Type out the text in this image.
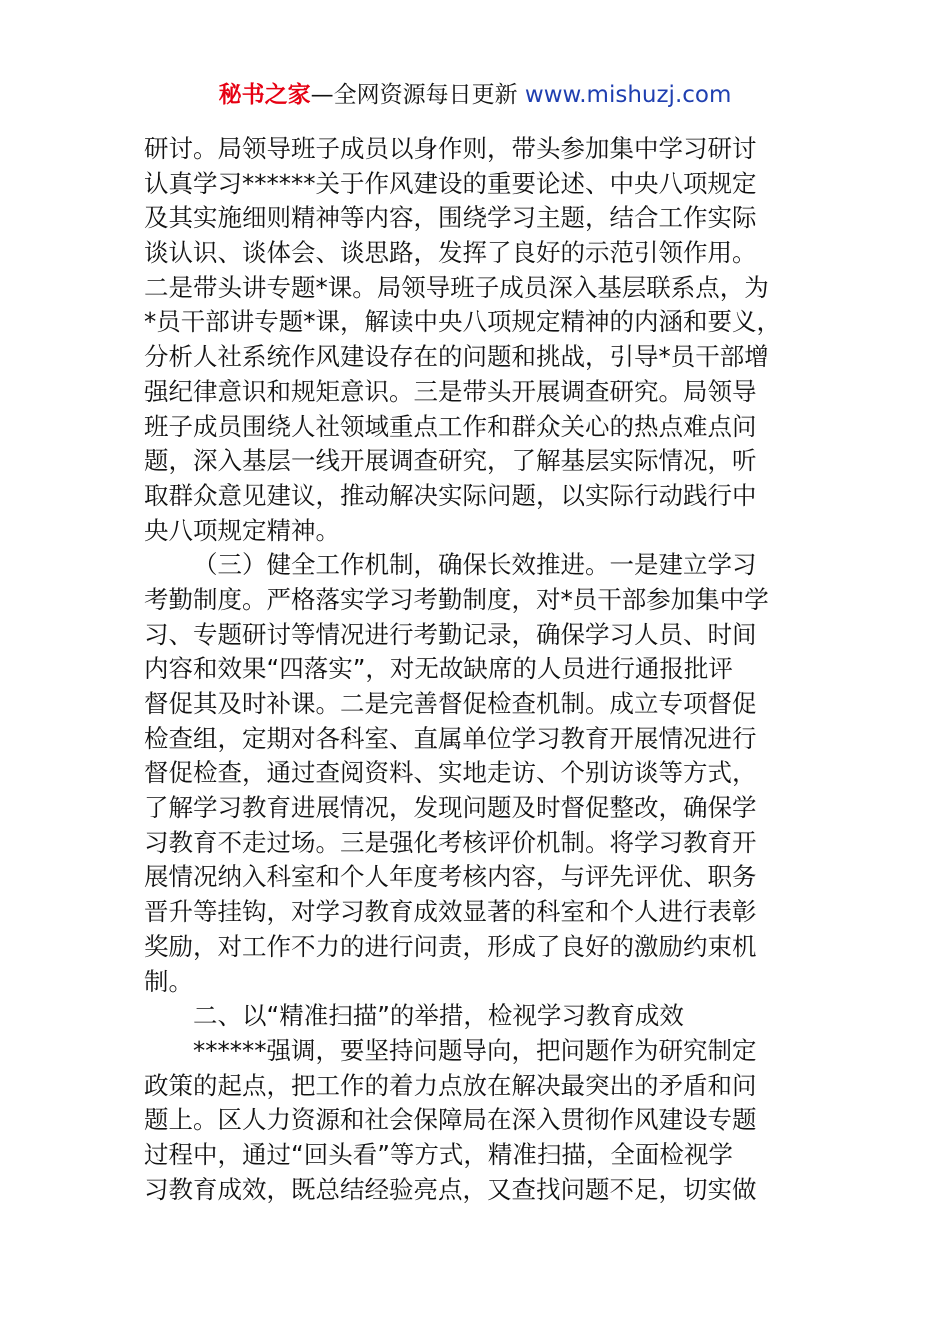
秘书之家—全网资源每日更新 www.mishuzj.com
研讨。局领导班子成员以身作则，带头参加集中学习研讨
认真学习******关于作风建设的重要论述、中央八项规定
及其实施细则精神等内容，围绕学习主题，结合工作实际
谈认识、谈体会、谈思路，发挥了良好的示范引领作用。
二是带头讲专题*课。局领导班子成员深入基层联系点，为
*员干部讲专题*课，解读中央八项规定精神的内涵和要义，
分析人社系统作风建设存在的问题和挑战，引导*员干部增
强纪律意识和规矩意识。三是带头开展调查研究。局领导
班子成员围绕人社领域重点工作和群众关心的热点难点问
题，深入基层一线开展调查研究，了解基层实际情况，听
取群众意见建议，推动解决实际问题，以实际行动践行中
央八项规定精神。
（三）健全工作机制，确保长效推进。一是建立学习
考勤制度。严格落实学习考勤制度，对*员干部参加集中学
习、专题研讨等情况进行考勤记录，确保学习人员、时间
内容和效果“四落实”，对无故缺席的人员进行通报批评
督促其及时补课。二是完善督促检查机制。成立专项督促
检查组，定期对各科室、直属单位学习教育开展情况进行
督促检查，通过查阅资料、实地走访、个别访谈等方式，
了解学习教育进展情况，发现问题及时督促整改，确保学
习教育不走过场。三是强化考核评价机制。将学习教育开
展情况纳入科室和个人年度考核内容，与评先评优、职务
晋升等挂钩，对学习教育成效显著的科室和个人进行表彰
奖励，对工作不力的进行问责，形成了良好的激励约束机
制。
二、以“精准扫描”的举措，检视学习教育成效
******强调，要坚持问题导向，把问题作为研究制定
政策的起点，把工作的着力点放在解决最突出的矛盾和问
题上。区人力资源和社会保障局在深入贯彻作风建设专题
过程中，通过“回头看”等方式，精准扫描，全面检视学
习教育成效，既总结经验亮点，又查找问题不足，切实做
